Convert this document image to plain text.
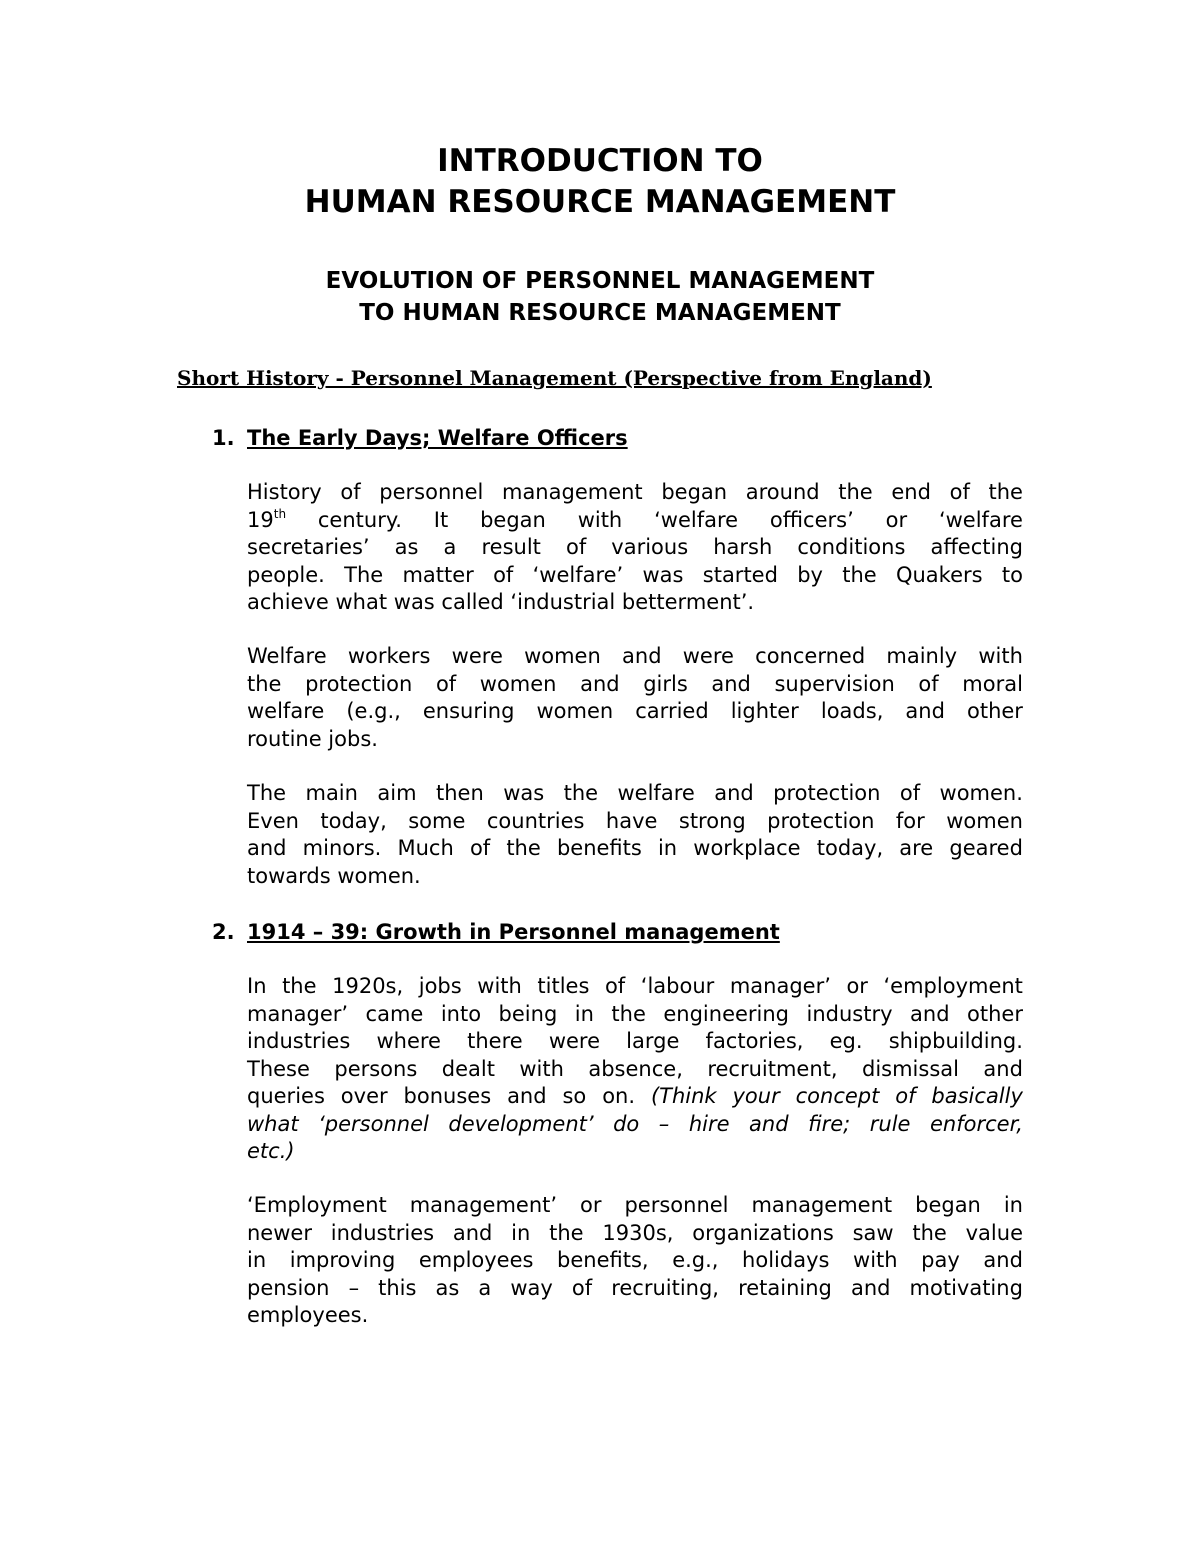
INTRODUCTION TO
HUMAN RESOURCE MANAGEMENT
EVOLUTION OF PERSONNEL MANAGEMENT
TO HUMAN RESOURCE MANAGEMENT

Short History - Personnel Management (Perspective from England)

1. The Early Days; Welfare Officers

History of personnel management began around the end of the
19th century. It began with ‘welfare officers’ or ‘welfare
secretaries’ as a result of various harsh conditions affecting
people. The matter of ‘welfare’ was started by the Quakers to
achieve what was called ‘industrial betterment’.
Welfare workers were women and were concerned mainly with
the protection of women and girls and supervision of moral
welfare (e.g., ensuring women carried lighter loads, and other
routine jobs.
The main aim then was the welfare and protection of women.
Even today, some countries have strong protection for women
and minors. Much of the benefits in workplace today, are geared
towards women.

2. 1914 – 39: Growth in Personnel management

In the 1920s, jobs with titles of ‘labour manager’ or ‘employment
manager’ came into being in the engineering industry and other
industries where there were large factories, eg. shipbuilding.
These persons dealt with absence, recruitment, dismissal and
queries over bonuses and so on. (Think your concept of basically
what ‘personnel development’ do – hire and fire; rule enforcer,
etc.)
‘Employment management’ or personnel management began in
newer industries and in the 1930s, organizations saw the value
in improving employees benefits, e.g., holidays with pay and
pension – this as a way of recruiting, retaining and motivating
employees.
